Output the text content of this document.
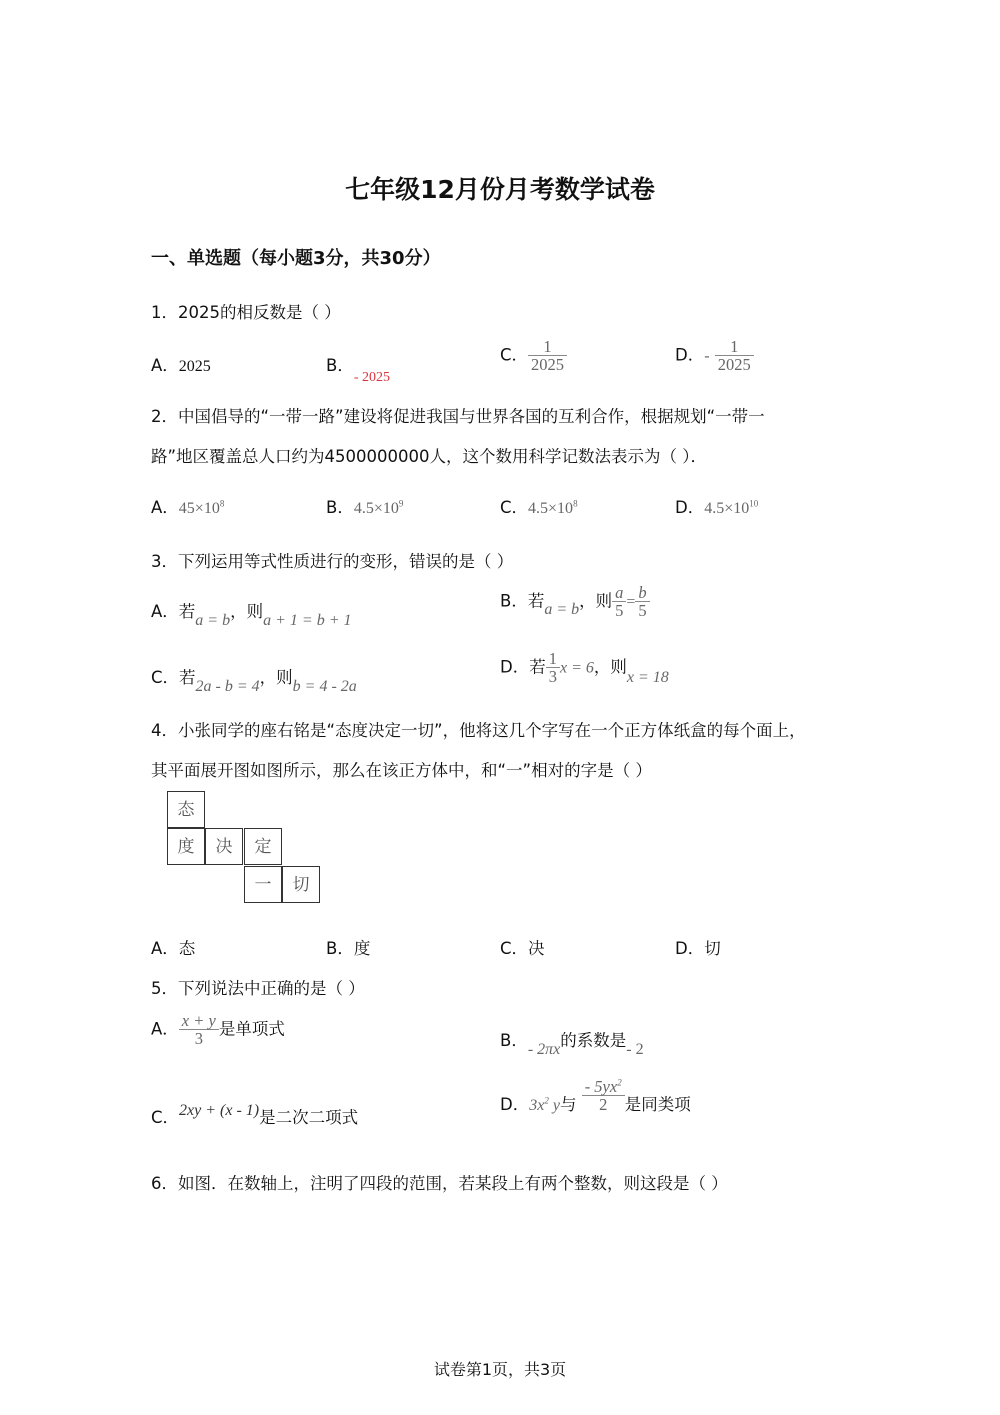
七年级12月份月考数学试卷
一、单选题（每小题3分，共30分）
1．2025的相反数是（ ）
A．2025	B．$_{- 2025}$
C． $\frac{1}{2025}$	D．- $\frac{1}{2025}$
2．中国倡导的“一带一路”建设将促进我国与世界各国的互利合作，根据规划“一带一
路”地区覆盖总人口约为4500000000人，这个数用科学记数法表示为（ ）．
A．$45\times 10^8$	B．$4.5\times 10^9$	C．$4.5\times 10^8$	D．$4.5\times 10^{10}$
3．下列运用等式性质进行的变形，错误的是（ ）
A．若a = b，则a + 1 = b + 1
B．若a = b，则 $\frac{a}{5} = \frac{b}{5}$
C．若2a - b = 4，则b = 4 - 2a
D．若 $\frac{1}{3}$ x = 6，则x = 18
4．小张同学的座右铭是“态度决定一切”，他将这几个字写在一个正方体纸盒的每个面上，
其平面展开图如图所示，那么在该正方体中，和“一”相对的字是（ ）
态
度	决	定
一	切
A．态	B．度	C．决	D．切
5．下列说法中正确的是（ ）
A． $\frac{x + y}{3}$ 是单项式
B．- 2πx的系数是- 2
C．2xy + (x - 1)是二次二项式
D．$3x^2$ y与 $\frac{- 5yx^2}{2}$ 是同类项
6．如图．在数轴上，注明了四段的范围，若某段上有两个整数，则这段是（ ）
试卷第1页，共3页
